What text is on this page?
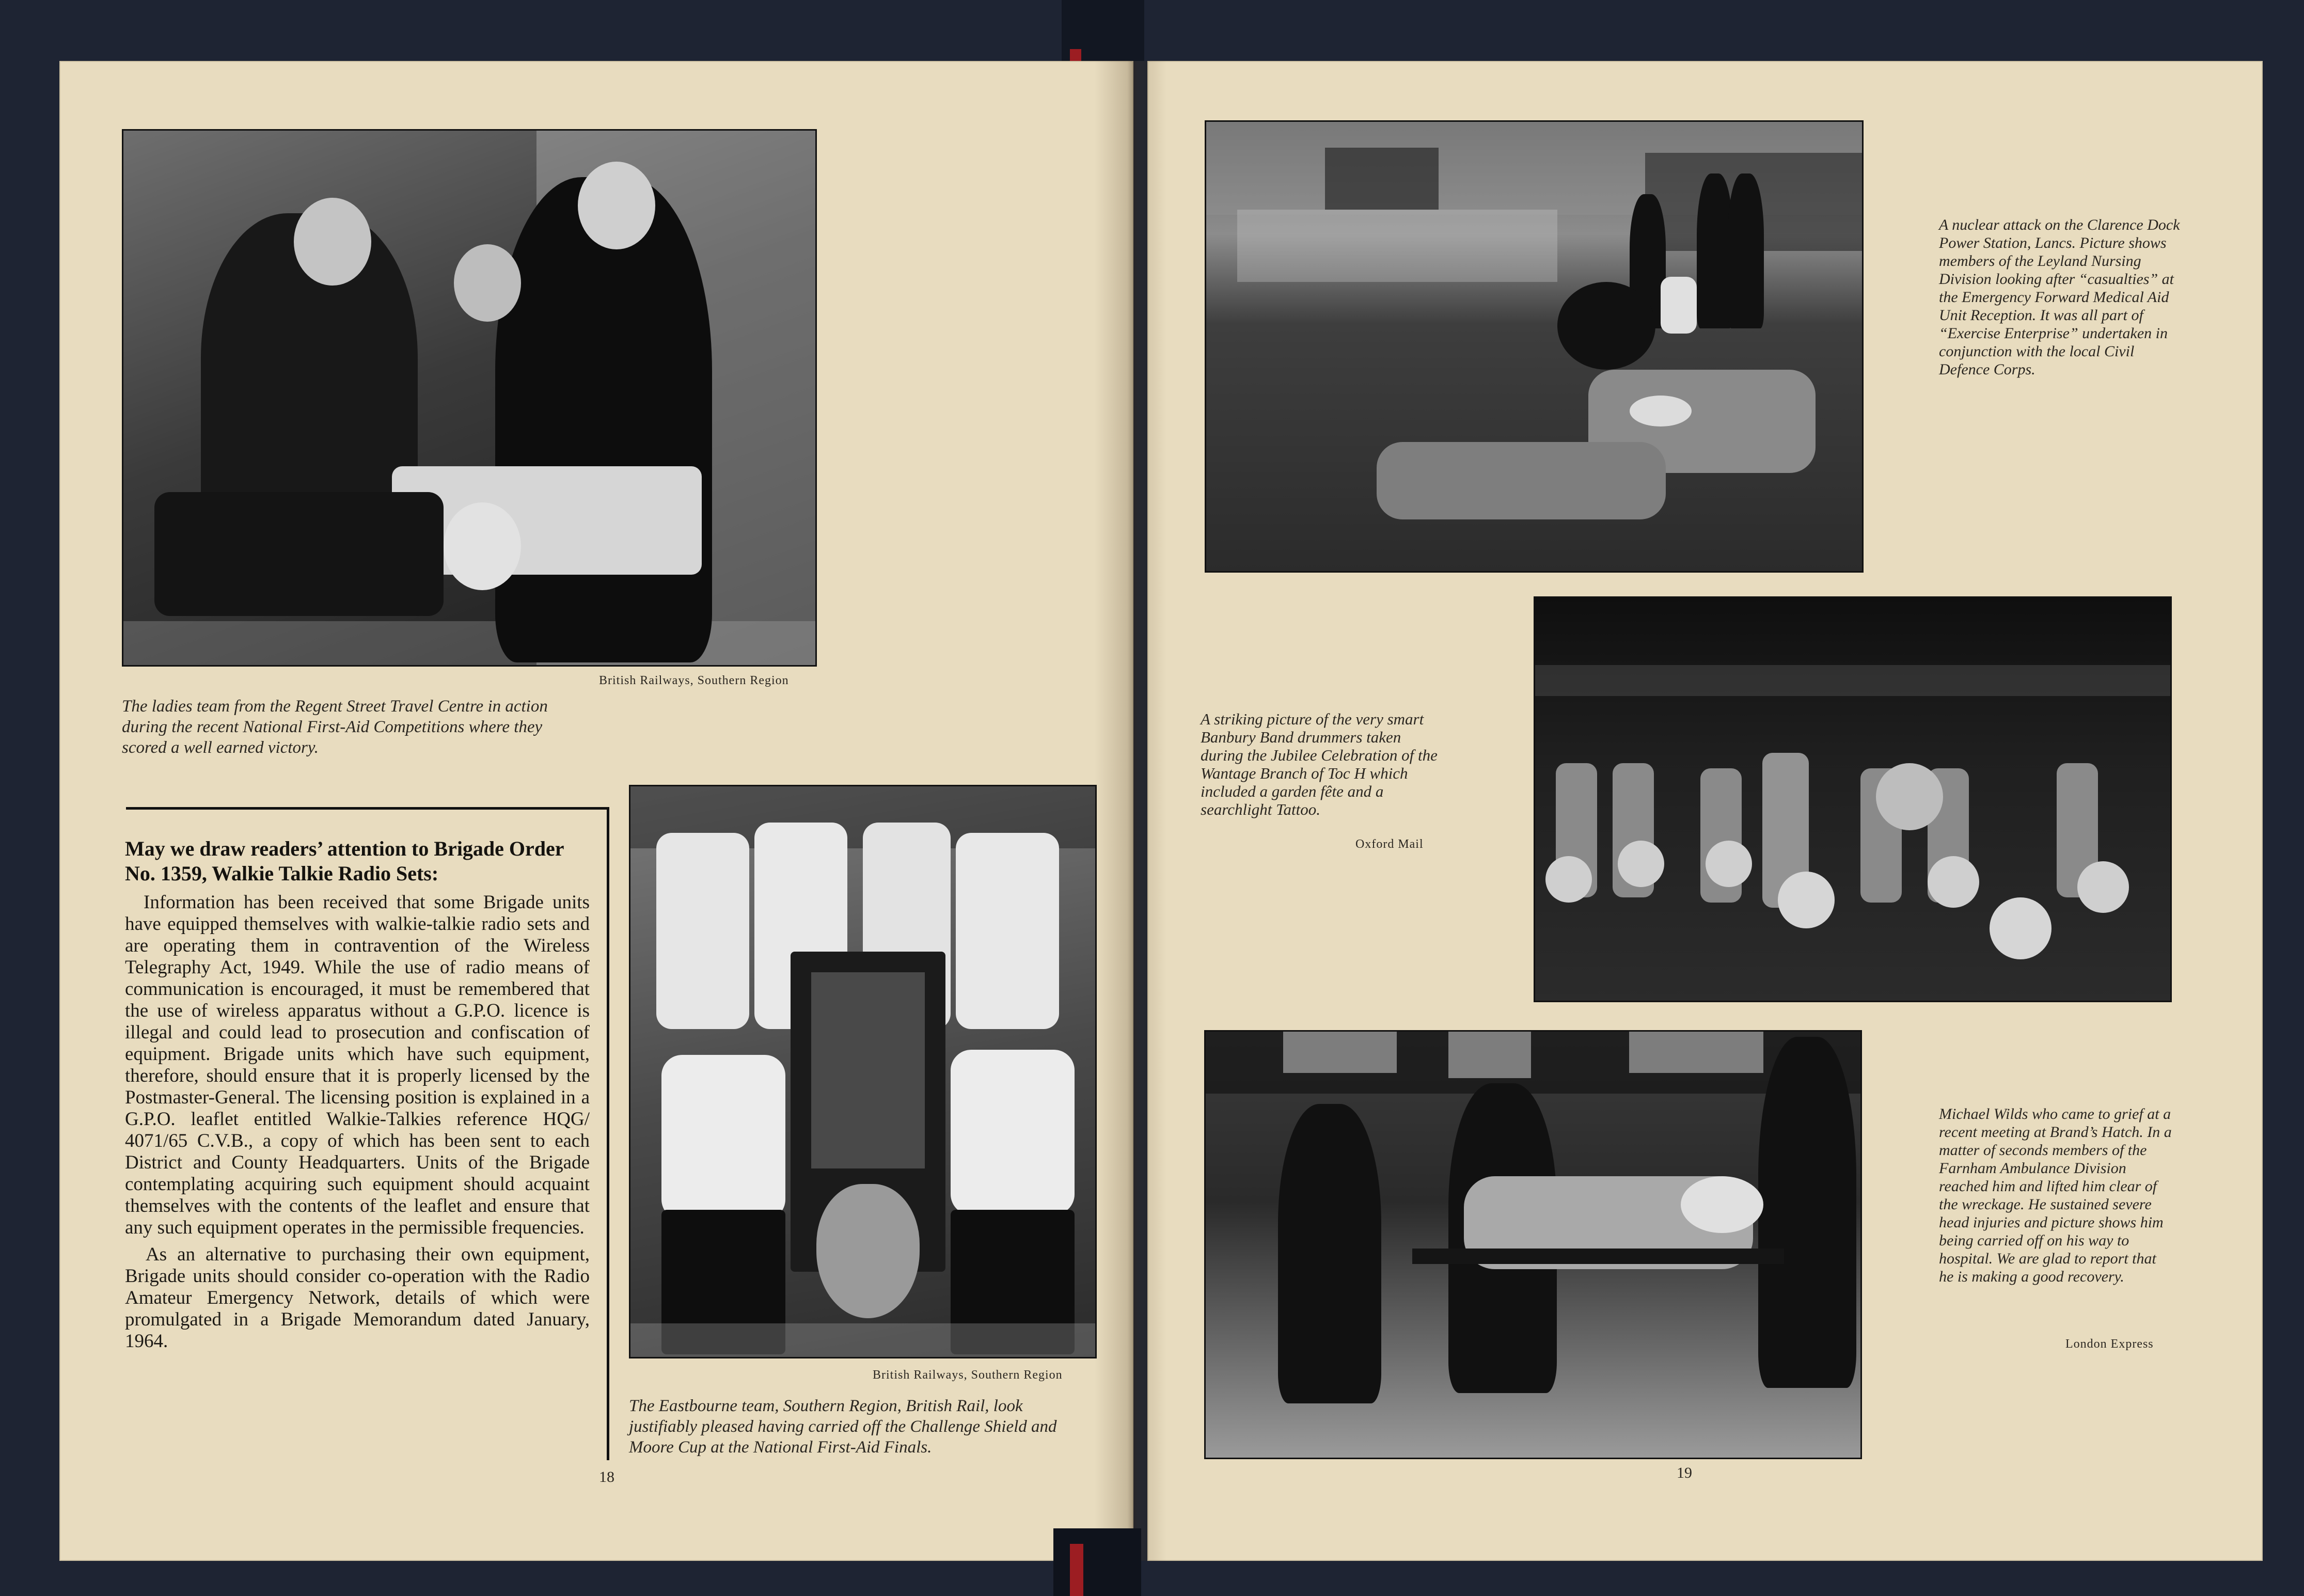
British Railways, Southern Region
The ladies team from the Regent Street Travel Centre in action during the recent National First-Aid Competitions where they scored a well earned victory.
May we draw readers’ attention to Brigade Order No. 1359, Walkie Talkie Radio Sets:

Information has been received that some Brigade units have equipped themselves with walkie-talkie radio sets and are operating them in contravention of the Wireless Telegraphy Act, 1949. While the use of radio means of communication is encouraged, it must be remembered that the use of wireless apparatus without a G.P.O. licence is illegal and could lead to prosecution and confiscation of equipment. Brigade units which have such equipment, therefore, should ensure that it is properly licensed by the Postmaster-General. The licensing position is explained in a G.P.O. leaflet entitled Walkie-Talkies reference HQG/ 4071/65 C.V.B., a copy of which has been sent to each District and County Headquarters. Units of the Brigade contemplating acquiring such equipment should acquaint themselves with the contents of the leaflet and ensure that any such equipment operates in the permissible frequencies.

As an alternative to purchasing their own equipment, Brigade units should consider co-operation with the Radio Amateur Emergency Network, details of which were promulgated in a Brigade Memorandum dated January, 1964.

British Railways, Southern Region
The Eastbourne team, Southern Region, British Rail, look justifiably pleased having carried off the Challenge Shield and Moore Cup at the National First-Aid Finals.
18
A nuclear attack on the Clarence Dock Power Station, Lancs. Picture shows members of the Leyland Nursing Division looking after “casualties” at the Emergency Forward Medical Aid Unit Reception. It was all part of “Exercise Enterprise” undertaken in conjunction with the local Civil Defence Corps.
A striking picture of the very smart Banbury Band drummers taken during the Jubilee Celebration of the Wantage Branch of Toc H which included a garden fête and a searchlight Tattoo.
Oxford Mail
Michael Wilds who came to grief at a recent meeting at Brand’s Hatch. In a matter of seconds members of the Farnham Ambulance Division reached him and lifted him clear of the wreckage. He sustained severe head injuries and picture shows him being carried off on his way to hospital. We are glad to report that he is making a good recovery.
London Express
19
